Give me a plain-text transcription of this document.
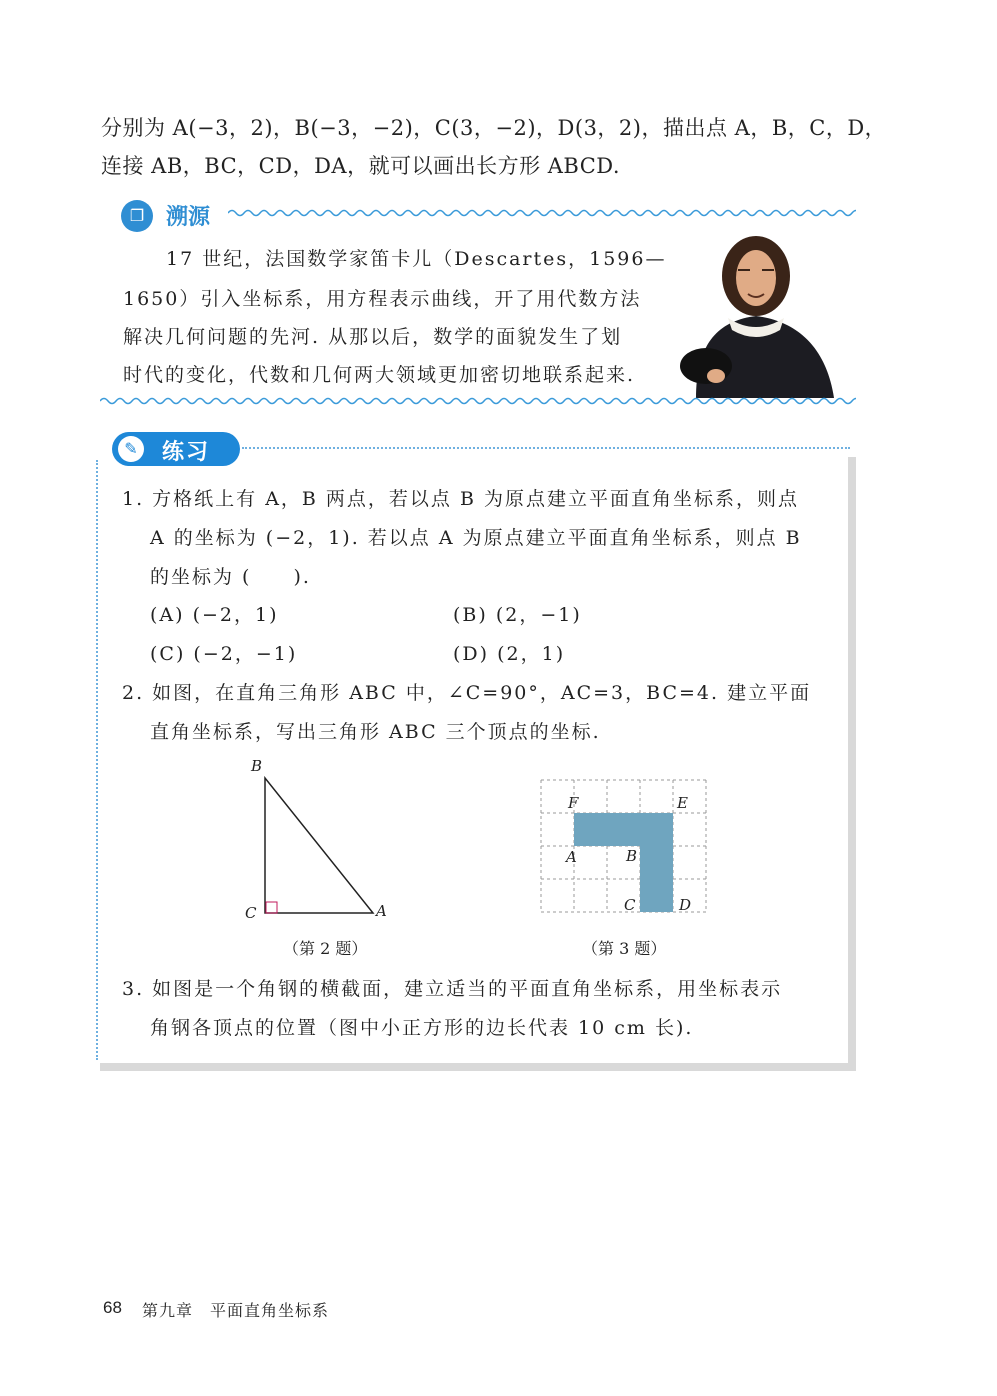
分别为 A(−3，2)，B(−3，−2)，C(3，−2)，D(3，2)，描出点 A，B，C，D，
连接 AB，BC，CD，DA，就可以画出长方形 ABCD.
❐ 溯源
17 世纪，法国数学家笛卡儿（Descartes，1596—
1650）引入坐标系，用方程表示曲线，开了用代数方法
解决几何问题的先河. 从那以后，数学的面貌发生了划
时代的变化，代数和几何两大领域更加密切地联系起来.
✎ 练习
1. 方格纸上有 A，B 两点，若以点 B 为原点建立平面直角坐标系，则点
A 的坐标为 (−2，1). 若以点 A 为原点建立平面直角坐标系，则点 B
的坐标为 (　　).
(A) (−2，1)	(B) (2，−1)
(C) (−2，−1)	(D) (2，1)
2. 如图，在直角三角形 ABC 中，∠C=90°，AC=3，BC=4. 建立平面
直角坐标系，写出三角形 ABC 三个顶点的坐标.
B
C	A
（第 2 题）
F	E
A	B
C	D
（第 3 题）
3. 如图是一个角钢的横截面，建立适当的平面直角坐标系，用坐标表示
角钢各顶点的位置（图中小正方形的边长代表 10 cm 长).
68 第九章　平面直角坐标系
